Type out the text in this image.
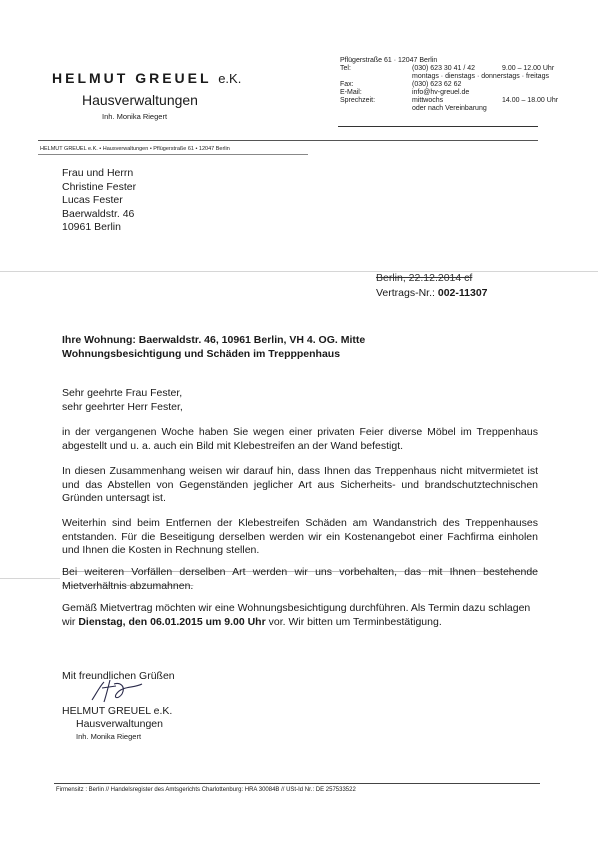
HELMUT GREUEL e.K.
Hausverwaltungen
Inh. Monika Riegert
Pflügerstraße 61 · 12047 Berlin
Tel:	(030) 623 30 41 / 42	9.00 – 12.00 Uhr
	montags · dienstags · donnerstags · freitags	
Fax:	(030) 623 62 62	
E-Mail:	info@hv-greuel.de	
Sprechzeit:	mittwochs	14.00 – 18.00 Uhr
	oder nach Vereinbarung	
HELMUT GREUEL e.K. • Hausverwaltungen • Pflügerstraße 61 • 12047 Berlin
Frau und Herrn
Christine Fester
Lucas Fester
Baerwaldstr. 46
10961 Berlin
Berlin, 22.12.2014 cf
Vertrags-Nr.: 002-11307
Ihre Wohnung: Baerwaldstr. 46, 10961 Berlin, VH 4. OG. Mitte
Wohnungsbesichtigung und Schäden im Trepppenhaus
Sehr geehrte Frau Fester,
sehr geehrter Herr Fester,
in der vergangenen Woche haben Sie wegen einer privaten Feier diverse Möbel im Treppenhaus abgestellt und u. a. auch ein Bild mit Klebestreifen an der Wand befestigt.
In diesen Zusammenhang weisen wir darauf hin, dass Ihnen das Treppenhaus nicht mitvermietet ist und das Abstellen von Gegenständen jeglicher Art aus Sicherheits- und brandschutztechnischen Gründen untersagt ist.
Weiterhin sind beim Entfernen der Klebestreifen Schäden am Wandanstrich des Treppenhauses entstanden. Für die Beseitigung derselben werden wir ein Kostenangebot einer Fachfirma einholen und Ihnen die Kosten in Rechnung stellen.
Bei weiteren Vorfällen derselben Art werden wir uns vorbehalten, das mit Ihnen bestehende Mietverhältnis abzumahnen.
Gemäß Mietvertrag möchten wir eine Wohnungsbesichtigung durchführen. Als Termin dazu schlagen wir Dienstag, den 06.01.2015 um 9.00 Uhr vor. Wir bitten um Terminbestätigung.
Mit freundlichen Grüßen
HELMUT GREUEL e.K.
Hausverwaltungen
Inh. Monika Riegert
Firmensitz : Berlin // Handelsregister des Amtsgerichts Charlottenburg: HRA 30084B // USt-Id Nr.: DE 257533522
